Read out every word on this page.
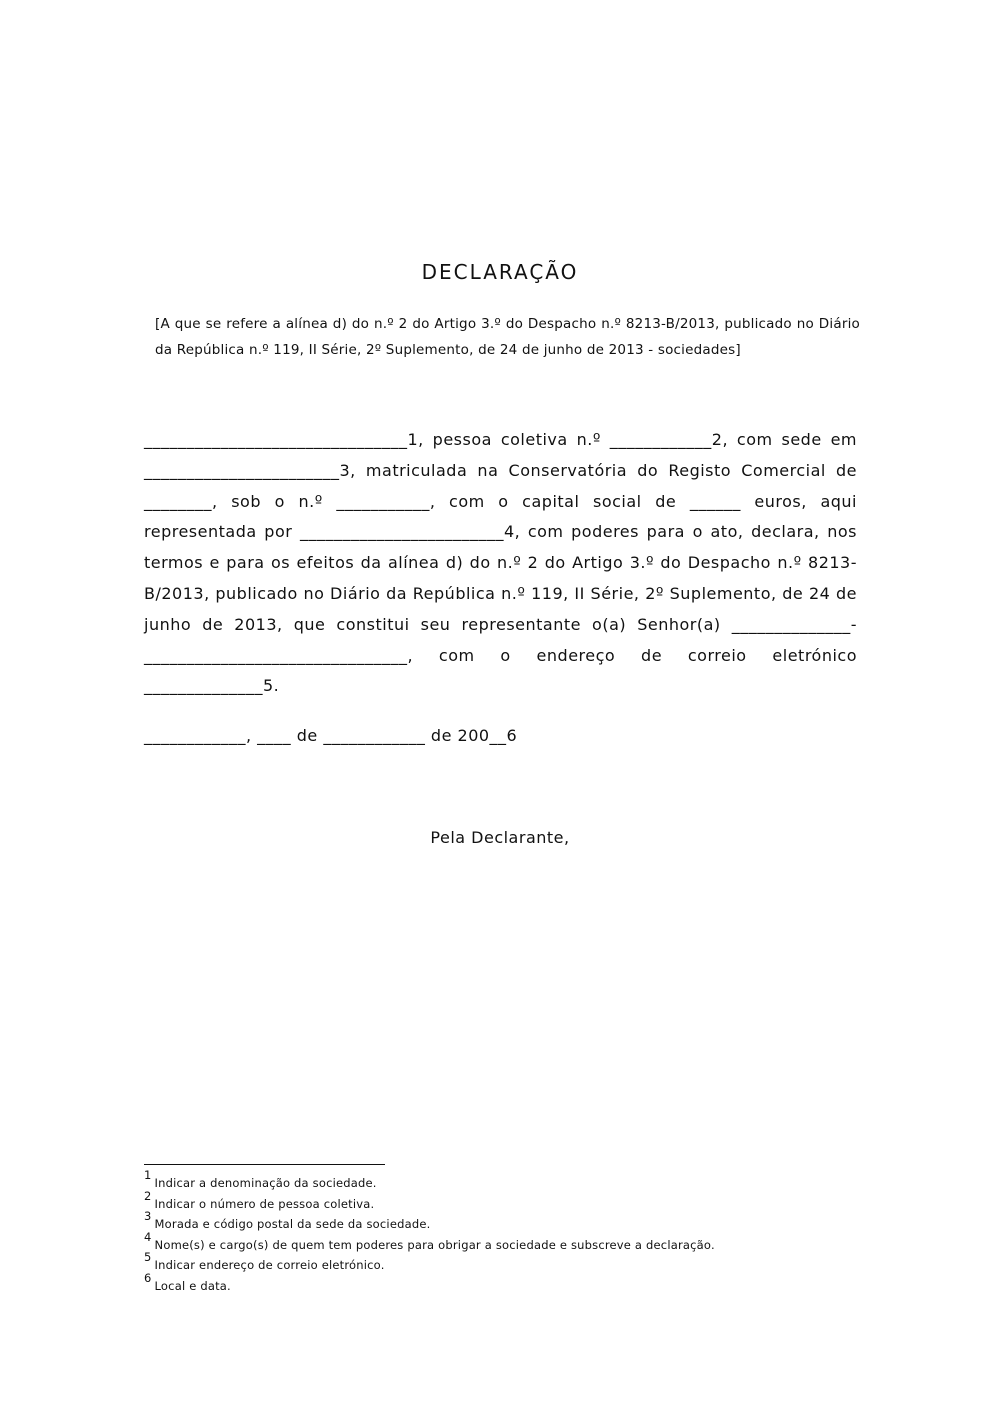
DECLARAÇÃO
[A que se refere a alínea d) do n.º 2 do Artigo 3.º do Despacho n.º 8213-B/2013, publicado no Diário da República n.º 119, II Série, 2º Suplemento, de 24 de junho de 2013 - sociedades]

_______________________________1, pessoa coletiva n.º ____________2, com sede em _______________________3, matriculada na Conservatória do Registo Comercial de ________, sob o n.º ___________, com o capital social de ______ euros, aqui representada por ________________________4, com poderes para o ato, declara, nos termos e para os efeitos da alínea d) do n.º 2 do Artigo 3.º do Despacho n.º 8213-B/2013, publicado no Diário da República n.º 119, II Série, 2º Suplemento, de 24 de junho de 2013, que constitui seu representante o(a) Senhor(a) ______________-_______________________________, com o endereço de correio eletrónico ______________5.

____________, ____ de ____________ de 200__6
Pela Declarante,
$^1$Indicar a denominação da sociedade.
$^2$Indicar o número de pessoa coletiva.
$^3$Morada e código postal da sede da sociedade.
$^4$Nome(s) e cargo(s) de quem tem poderes para obrigar a sociedade e subscreve a declaração.
$^5$Indicar endereço de correio eletrónico.
$^6$Local e data.
